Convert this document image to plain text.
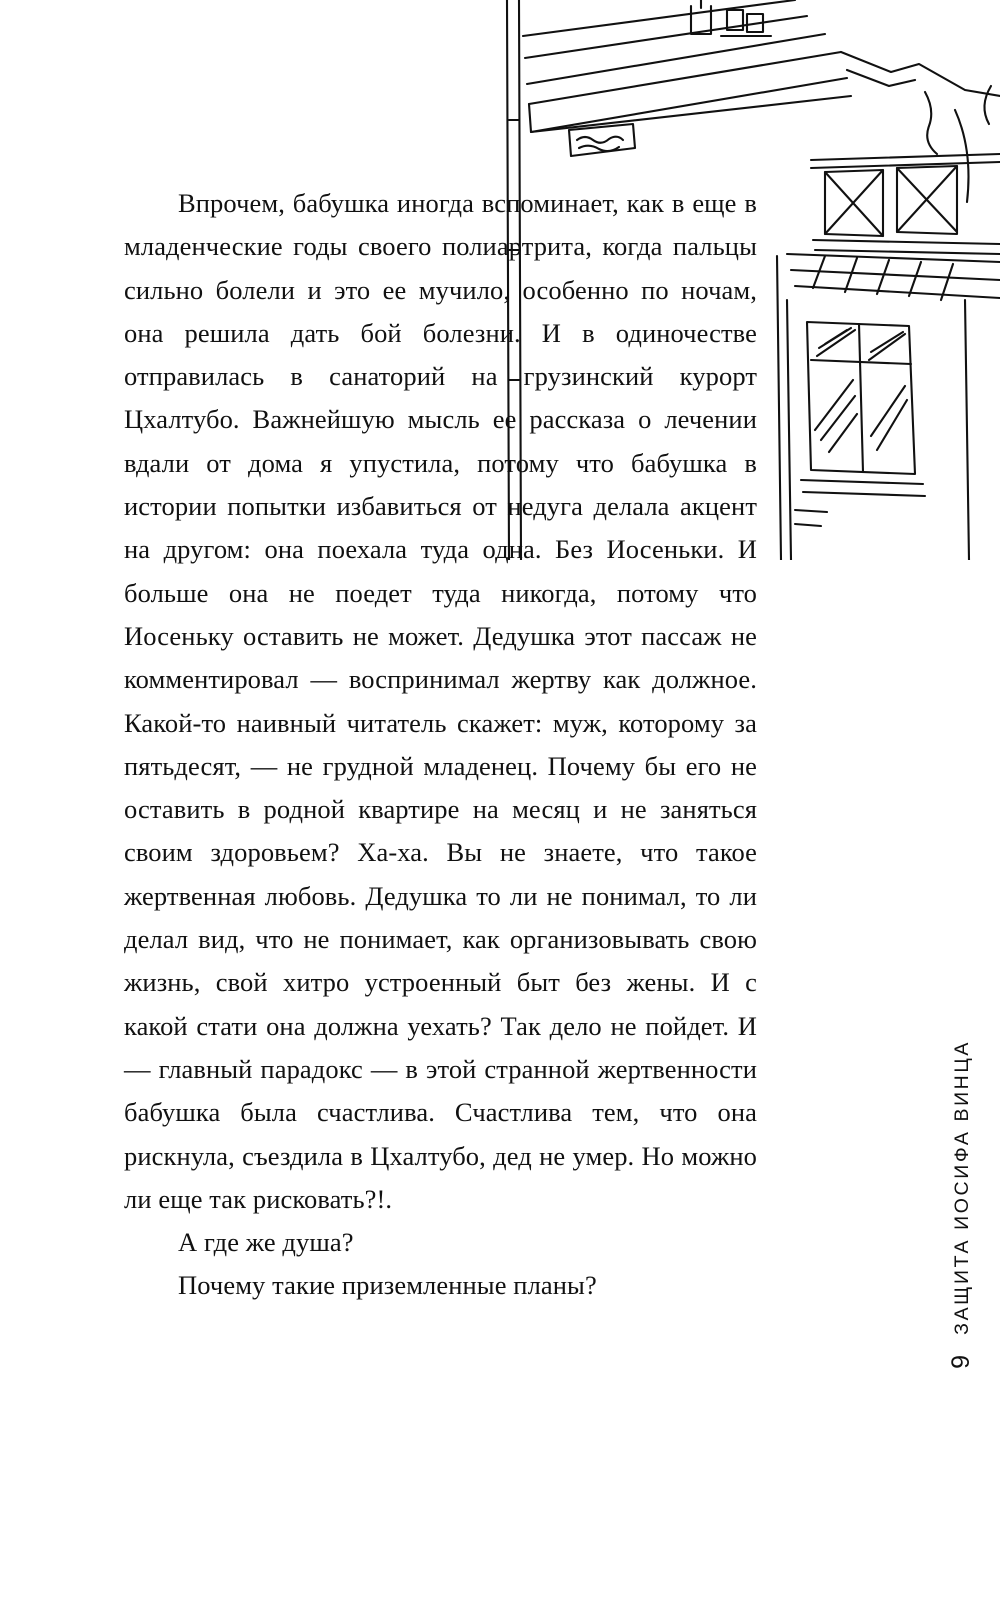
Впрочем, бабушка иногда вспоминает, как в еще в младенческие годы своего полиартрита, когда пальцы сильно болели и это ее мучило, особенно по ночам, она решила дать бой болезни. И в одиночестве отправилась в санаторий на грузинский курорт Цхалтубо. Важнейшую мысль ее рассказа о лечении вдали от дома я упустила, потому что бабушка в истории попытки избавиться от недуга делала акцент на другом: она поехала туда одна. Без Иосеньки. И больше она не поедет туда никогда, потому что Иосеньку оставить не может. Дедушка этот пассаж не комментировал — воспринимал жертву как должное. Какой-то наивный читатель скажет: муж, которому за пятьдесят, — не грудной младенец. Почему бы его не оставить в родной квартире на месяц и не заняться своим здоровьем? Ха-ха. Вы не знаете, что такое жертвенная любовь. Дедушка то ли не понимал, то ли делал вид, что не понимает, как организовывать свою жизнь, свой хитро устроенный быт без жены. И с какой стати она должна уехать? Так дело не пойдет. И — главный парадокс — в этой странной жертвенности бабушка была счастлива. Счастлива тем, что она рискнула, съездила в Цхалтубо, дед не умер. Но можно ли еще так рисковать?!.

А где же душа?

Почему такие приземленные планы?	ЗАЩИТА ИОСИФА ВИНЦА
9
